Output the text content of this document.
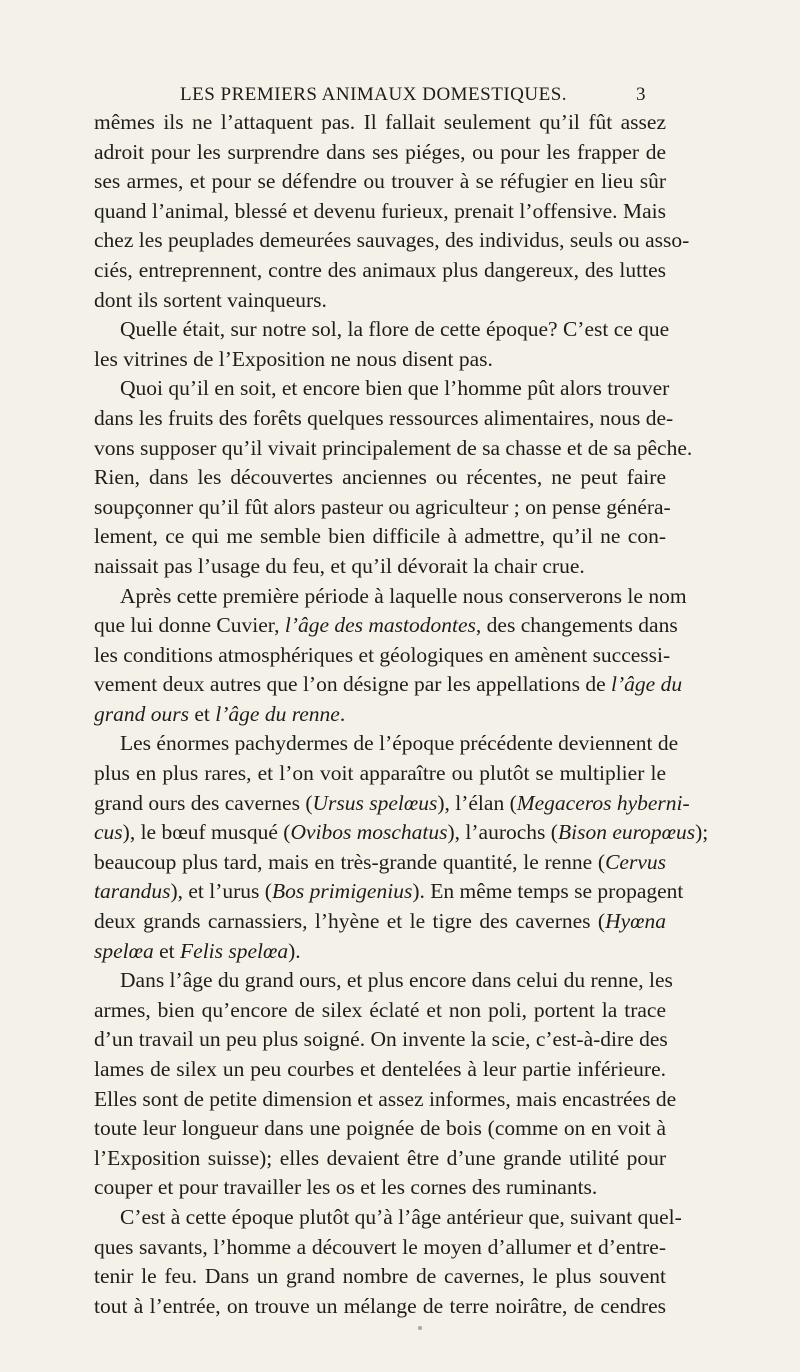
LES PREMIERS ANIMAUX DOMESTIQUES.	3
mêmes ils ne l’attaquent pas. Il fallait seulement qu’il fût assez
adroit pour les surprendre dans ses piéges, ou pour les frapper de
ses armes, et pour se défendre ou trouver à se réfugier en lieu sûr
quand l’animal, blessé et devenu furieux, prenait l’offensive. Mais
chez les peuplades demeurées sauvages, des individus, seuls ou asso-
ciés, entreprennent, contre des animaux plus dangereux, des luttes
dont ils sortent vainqueurs.
Quelle était, sur notre sol, la flore de cette époque? C’est ce que
les vitrines de l’Exposition ne nous disent pas.
Quoi qu’il en soit, et encore bien que l’homme pût alors trouver
dans les fruits des forêts quelques ressources alimentaires, nous de-
vons supposer qu’il vivait principalement de sa chasse et de sa pêche.
Rien, dans les découvertes anciennes ou récentes, ne peut faire
soupçonner qu’il fût alors pasteur ou agriculteur ; on pense généra-
lement, ce qui me semble bien difficile à admettre, qu’il ne con-
naissait pas l’usage du feu, et qu’il dévorait la chair crue.
Après cette première période à laquelle nous conserverons le nom
que lui donne Cuvier, l’âge des mastodontes, des changements dans
les conditions atmosphériques et géologiques en amènent successi-
vement deux autres que l’on désigne par les appellations de l’âge du
grand ours et l’âge du renne.
Les énormes pachydermes de l’époque précédente deviennent de
plus en plus rares, et l’on voit apparaître ou plutôt se multiplier le
grand ours des cavernes (Ursus spelœus), l’élan (Megaceros hyberni-
cus), le bœuf musqué (Ovibos moschatus), l’aurochs (Bison europœus);
beaucoup plus tard, mais en très-grande quantité, le renne (Cervus
tarandus), et l’urus (Bos primigenius). En même temps se propagent
deux grands carnassiers, l’hyène et le tigre des cavernes (Hyœna
spelœa et Felis spelœa).
Dans l’âge du grand ours, et plus encore dans celui du renne, les
armes, bien qu’encore de silex éclaté et non poli, portent la trace
d’un travail un peu plus soigné. On invente la scie, c’est-à-dire des
lames de silex un peu courbes et dentelées à leur partie inférieure.
Elles sont de petite dimension et assez informes, mais encastrées de
toute leur longueur dans une poignée de bois (comme on en voit à
l’Exposition suisse); elles devaient être d’une grande utilité pour
couper et pour travailler les os et les cornes des ruminants.
C’est à cette époque plutôt qu’à l’âge antérieur que, suivant quel-
ques savants, l’homme a découvert le moyen d’allumer et d’entre-
tenir le feu. Dans un grand nombre de cavernes, le plus souvent
tout à l’entrée, on trouve un mélange de terre noirâtre, de cendres
